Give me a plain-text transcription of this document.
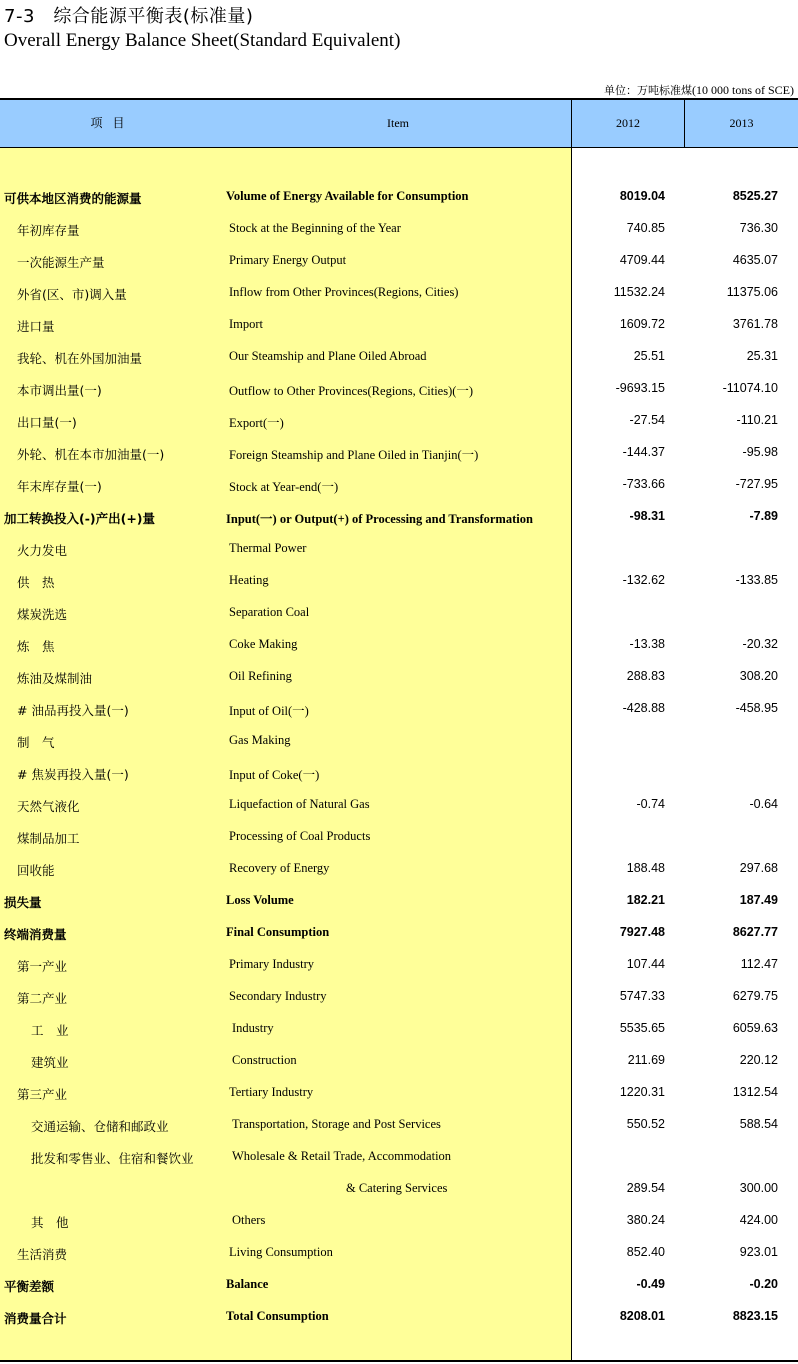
7-3　综合能源平衡表(标准量)
Overall Energy Balance Sheet(Standard Equivalent)
单位：万吨标准煤(10 000 tons of SCE)
项目	Item	2012	2013
可供本地区消费的能源量	Volume of Energy Available for Consumption	8019.04	8525.27
年初库存量	Stock at the Beginning of the Year	740.85	736.30
一次能源生产量	Primary Energy Output	4709.44	4635.07
外省(区、市)调入量	Inflow from Other Provinces(Regions, Cities)	11532.24	11375.06
进口量	Import	1609.72	3761.78
我轮、机在外国加油量	Our Steamship and Plane Oiled Abroad	25.51	25.31
本市调出量(一)	Outflow to Other Provinces(Regions, Cities)(一)	-9693.15	-11074.10
出口量(一)	Export(一)	-27.54	-110.21
外轮、机在本市加油量(一)	Foreign Steamship and Plane Oiled in Tianjin(一)	-144.37	-95.98
年末库存量(一)	Stock at Year-end(一)	-733.66	-727.95
加工转换投入(-)产出(+)量	Input(一) or Output(+) of Processing and Transformation	-98.31	-7.89
火力发电	Thermal Power
供　热	Heating	-132.62	-133.85
煤炭洗选	Separation Coal
炼　焦	Coke Making	-13.38	-20.32
炼油及煤制油	Oil Refining	288.83	308.20
# 油品再投入量(一)	Input of Oil(一)	-428.88	-458.95
制　气	Gas Making
# 焦炭再投入量(一)	Input of Coke(一)
天然气液化	Liquefaction of Natural Gas	-0.74	-0.64
煤制品加工	Processing of Coal Products
回收能	Recovery of Energy	188.48	297.68
损失量	Loss Volume	182.21	187.49
终端消费量	Final Consumption	7927.48	8627.77
第一产业	Primary Industry	107.44	112.47
第二产业	Secondary Industry	5747.33	6279.75
工　业	Industry	5535.65	6059.63
建筑业	Construction	211.69	220.12
第三产业	Tertiary Industry	1220.31	1312.54
交通运输、仓储和邮政业	Transportation, Storage and Post Services	550.52	588.54
批发和零售业、住宿和餐饮业	Wholesale & Retail Trade, Accommodation
& Catering Services	289.54	300.00
其　他	Others	380.24	424.00
生活消费	Living Consumption	852.40	923.01
平衡差额	Balance	-0.49	-0.20
消费量合计	Total Consumption	8208.01	8823.15
